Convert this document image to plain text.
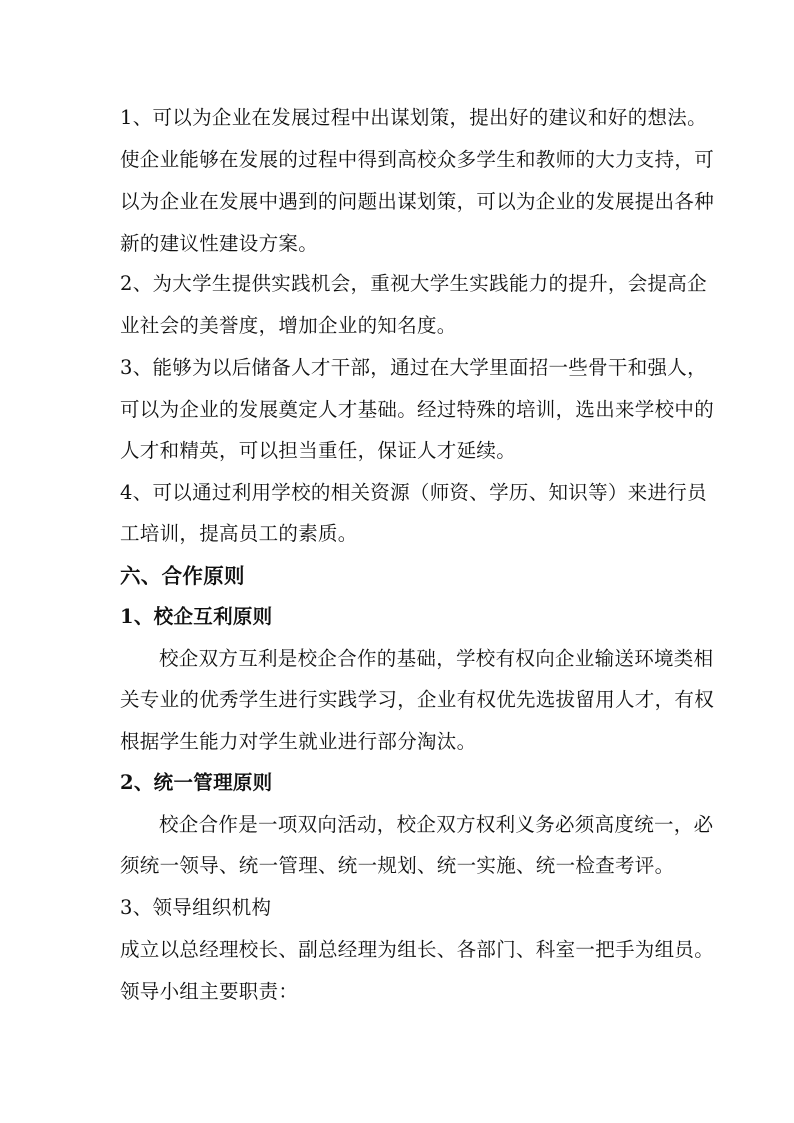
1、可以为企业在发展过程中出谋划策，提出好的建议和好的想法。
使企业能够在发展的过程中得到高校众多学生和教师的大力支持，可
以为企业在发展中遇到的问题出谋划策，可以为企业的发展提出各种
新的建议性建设方案。
2、为大学生提供实践机会，重视大学生实践能力的提升，会提高企
业社会的美誉度，增加企业的知名度。
3、能够为以后储备人才干部，通过在大学里面招一些骨干和强人，
可以为企业的发展奠定人才基础。经过特殊的培训，选出来学校中的
人才和精英，可以担当重任，保证人才延续。
4、可以通过利用学校的相关资源（师资、学历、知识等）来进行员
工培训，提高员工的素质。
六、合作原则
1、校企互利原则
校企双方互利是校企合作的基础，学校有权向企业输送环境类相
关专业的优秀学生进行实践学习，企业有权优先选拔留用人才，有权
根据学生能力对学生就业进行部分淘汰。
2、统一管理原则
校企合作是一项双向活动，校企双方权利义务必须高度统一，必
须统一领导、统一管理、统一规划、统一实施、统一检查考评。
3、领导组织机构
成立以总经理校长、副总经理为组长、各部门、科室一把手为组员。
领导小组主要职责：
